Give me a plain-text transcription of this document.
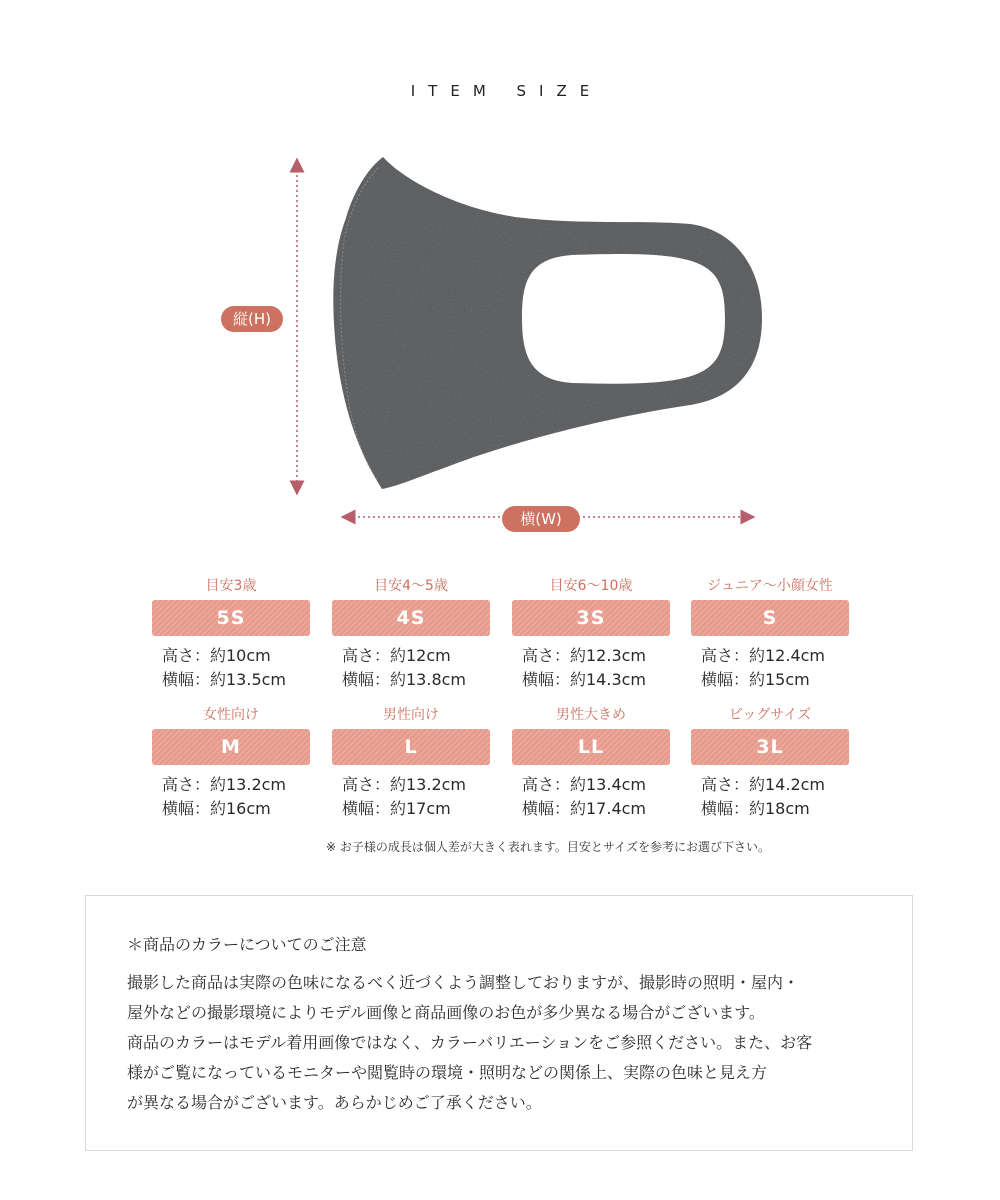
ITEM SIZE
縦(H)
横(W)
目安3歳
5S
高さ：約10cm
横幅：約13.5cm
目安4～5歳
4S
高さ：約12cm
横幅：約13.8cm
目安6～10歳
3S
高さ：約12.3cm
横幅：約14.3cm
ジュニア～小顔女性
S
高さ：約12.4cm
横幅：約15cm
女性向け
M
高さ：約13.2cm
横幅：約16cm
男性向け
L
高さ：約13.2cm
横幅：約17cm
男性大きめ
LL
高さ：約13.4cm
横幅：約17.4cm
ビッグサイズ
3L
高さ：約14.2cm
横幅：約18cm
※ お子様の成長は個人差が大きく表れます。目安とサイズを参考にお選び下さい。
＊商品のカラーについてのご注意
撮影した商品は実際の色味になるべく近づくよう調整しておりますが、撮影時の照明・屋内・
屋外などの撮影環境によりモデル画像と商品画像のお色が多少異なる場合がございます。
商品のカラーはモデル着用画像ではなく、カラーバリエーションをご参照ください。また、お客
様がご覧になっているモニターや閲覧時の環境・照明などの関係上、実際の色味と見え方
が異なる場合がございます。あらかじめご了承ください。
